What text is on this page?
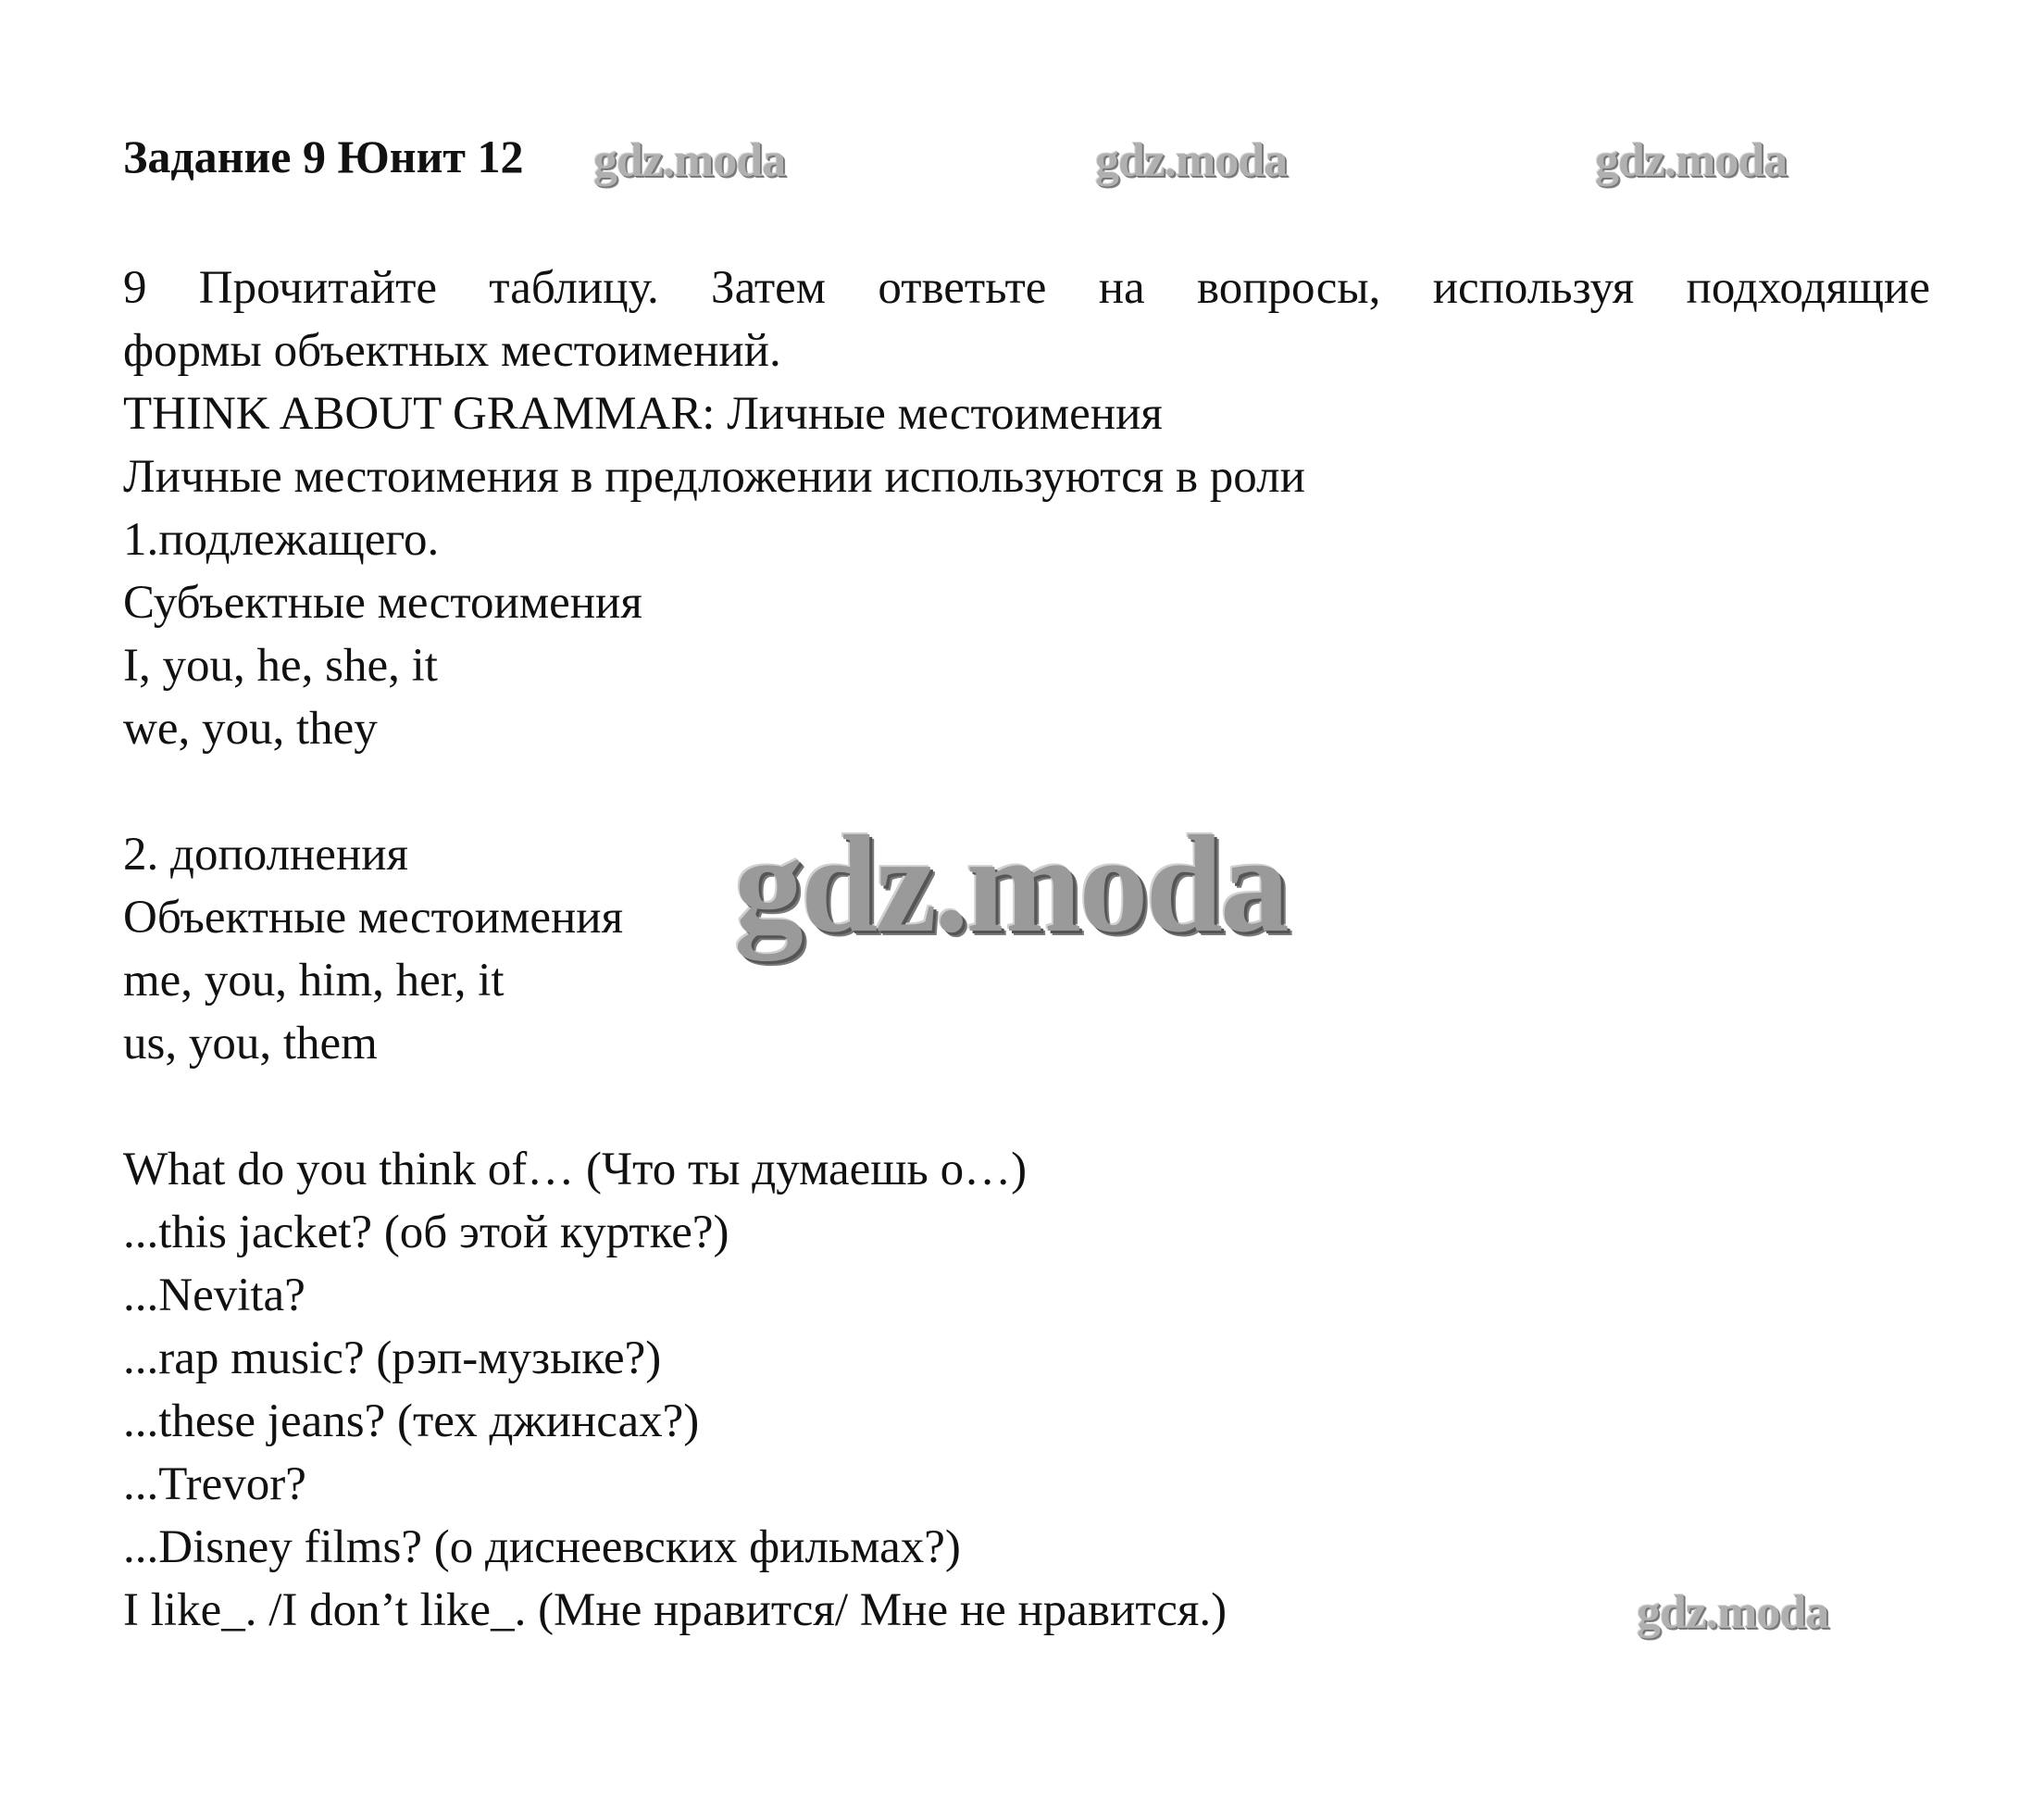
Задание 9 Юнит 12 gdz.moda	gdz.moda	gdz.moda
9 Прочитайте таблицу. Затем ответьте на вопросы, используя подходящие
формы объектных местоимений.
THINK ABOUT GRAMMAR: Личные местоимения
Личные местоимения в предложении используются в роли
1.подлежащего.
Субъектные местоимения
I, you, he, she, it
we, you, they
2. дополнения
Объектные местоимения
me, you, him, her, it
us, you, them
gdz.moda
What do you think of… (Что ты думаешь о…)
...this jacket? (об этой куртке?)
...Nevita?
...rap music? (рэп-музыке?)
...these jeans? (тех джинсах?)
...Trevor?
...Disney films? (о диснеевских фильмах?)
I like_. /I don’t like_. (Мне нравится/ Мне не нравится.)	gdz.moda
